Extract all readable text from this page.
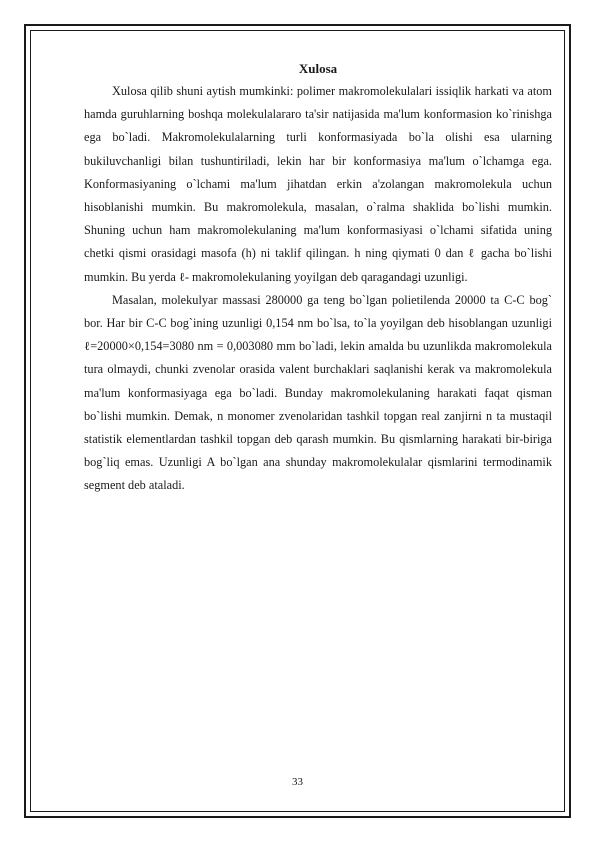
Xulosa

Xulosa qilib shuni aytish mumkinki: polimer makromolekulalari issiqlik harkati va atom hamda guruhlarning boshqa molekulalararo ta'sir natijasida ma'lum konformasion ko`rinishga ega bo`ladi. Makromolekulalarning turli konformasiyada bo`la olishi esa ularning bukiluvchanligi bilan tushuntiriladi, lekin har bir konformasiya ma'lum o`lchamga ega. Konformasiyaning o`lchami ma'lum jihatdan erkin a'zolangan makromolekula uchun hisoblanishi mumkin. Bu makromolekula, masalan, o`ralma shaklida bo`lishi mumkin. Shuning uchun ham makromolekulaning ma'lum konformasiyasi o`lchami sifatida uning chetki qismi orasidagi masofa (h) ni taklif qilingan. h ning qiymati 0 dan ℓ gacha bo`lishi mumkin. Bu yerda ℓ- makromolekulaning yoyilgan deb qaragandagi uzunligi.

Masalan, molekulyar massasi 280000 ga teng bo`lgan polietilenda 20000 ta C-C bog` bor. Har bir C-C bog`ining uzunligi 0,154 nm bo`lsa, to`la yoyilgan deb hisoblangan uzunligi ℓ=20000×0,154=3080 nm = 0,003080 mm bo`ladi, lekin amalda bu uzunlikda makromolekula tura olmaydi, chunki zvenolar orasida valent burchaklari saqlanishi kerak va makromolekula ma'lum konformasiyaga ega bo`ladi. Bunday makromolekulaning harakati faqat qisman bo`lishi mumkin. Demak, n monomer zvenolaridan tashkil topgan real zanjirni n ta mustaqil statistik elementlardan tashkil topgan deb qarash mumkin. Bu qismlarning harakati bir-biriga bog`liq emas. Uzunligi A bo`lgan ana shunday makromolekulalar qismlarini termodinamik segment deb ataladi.

33
